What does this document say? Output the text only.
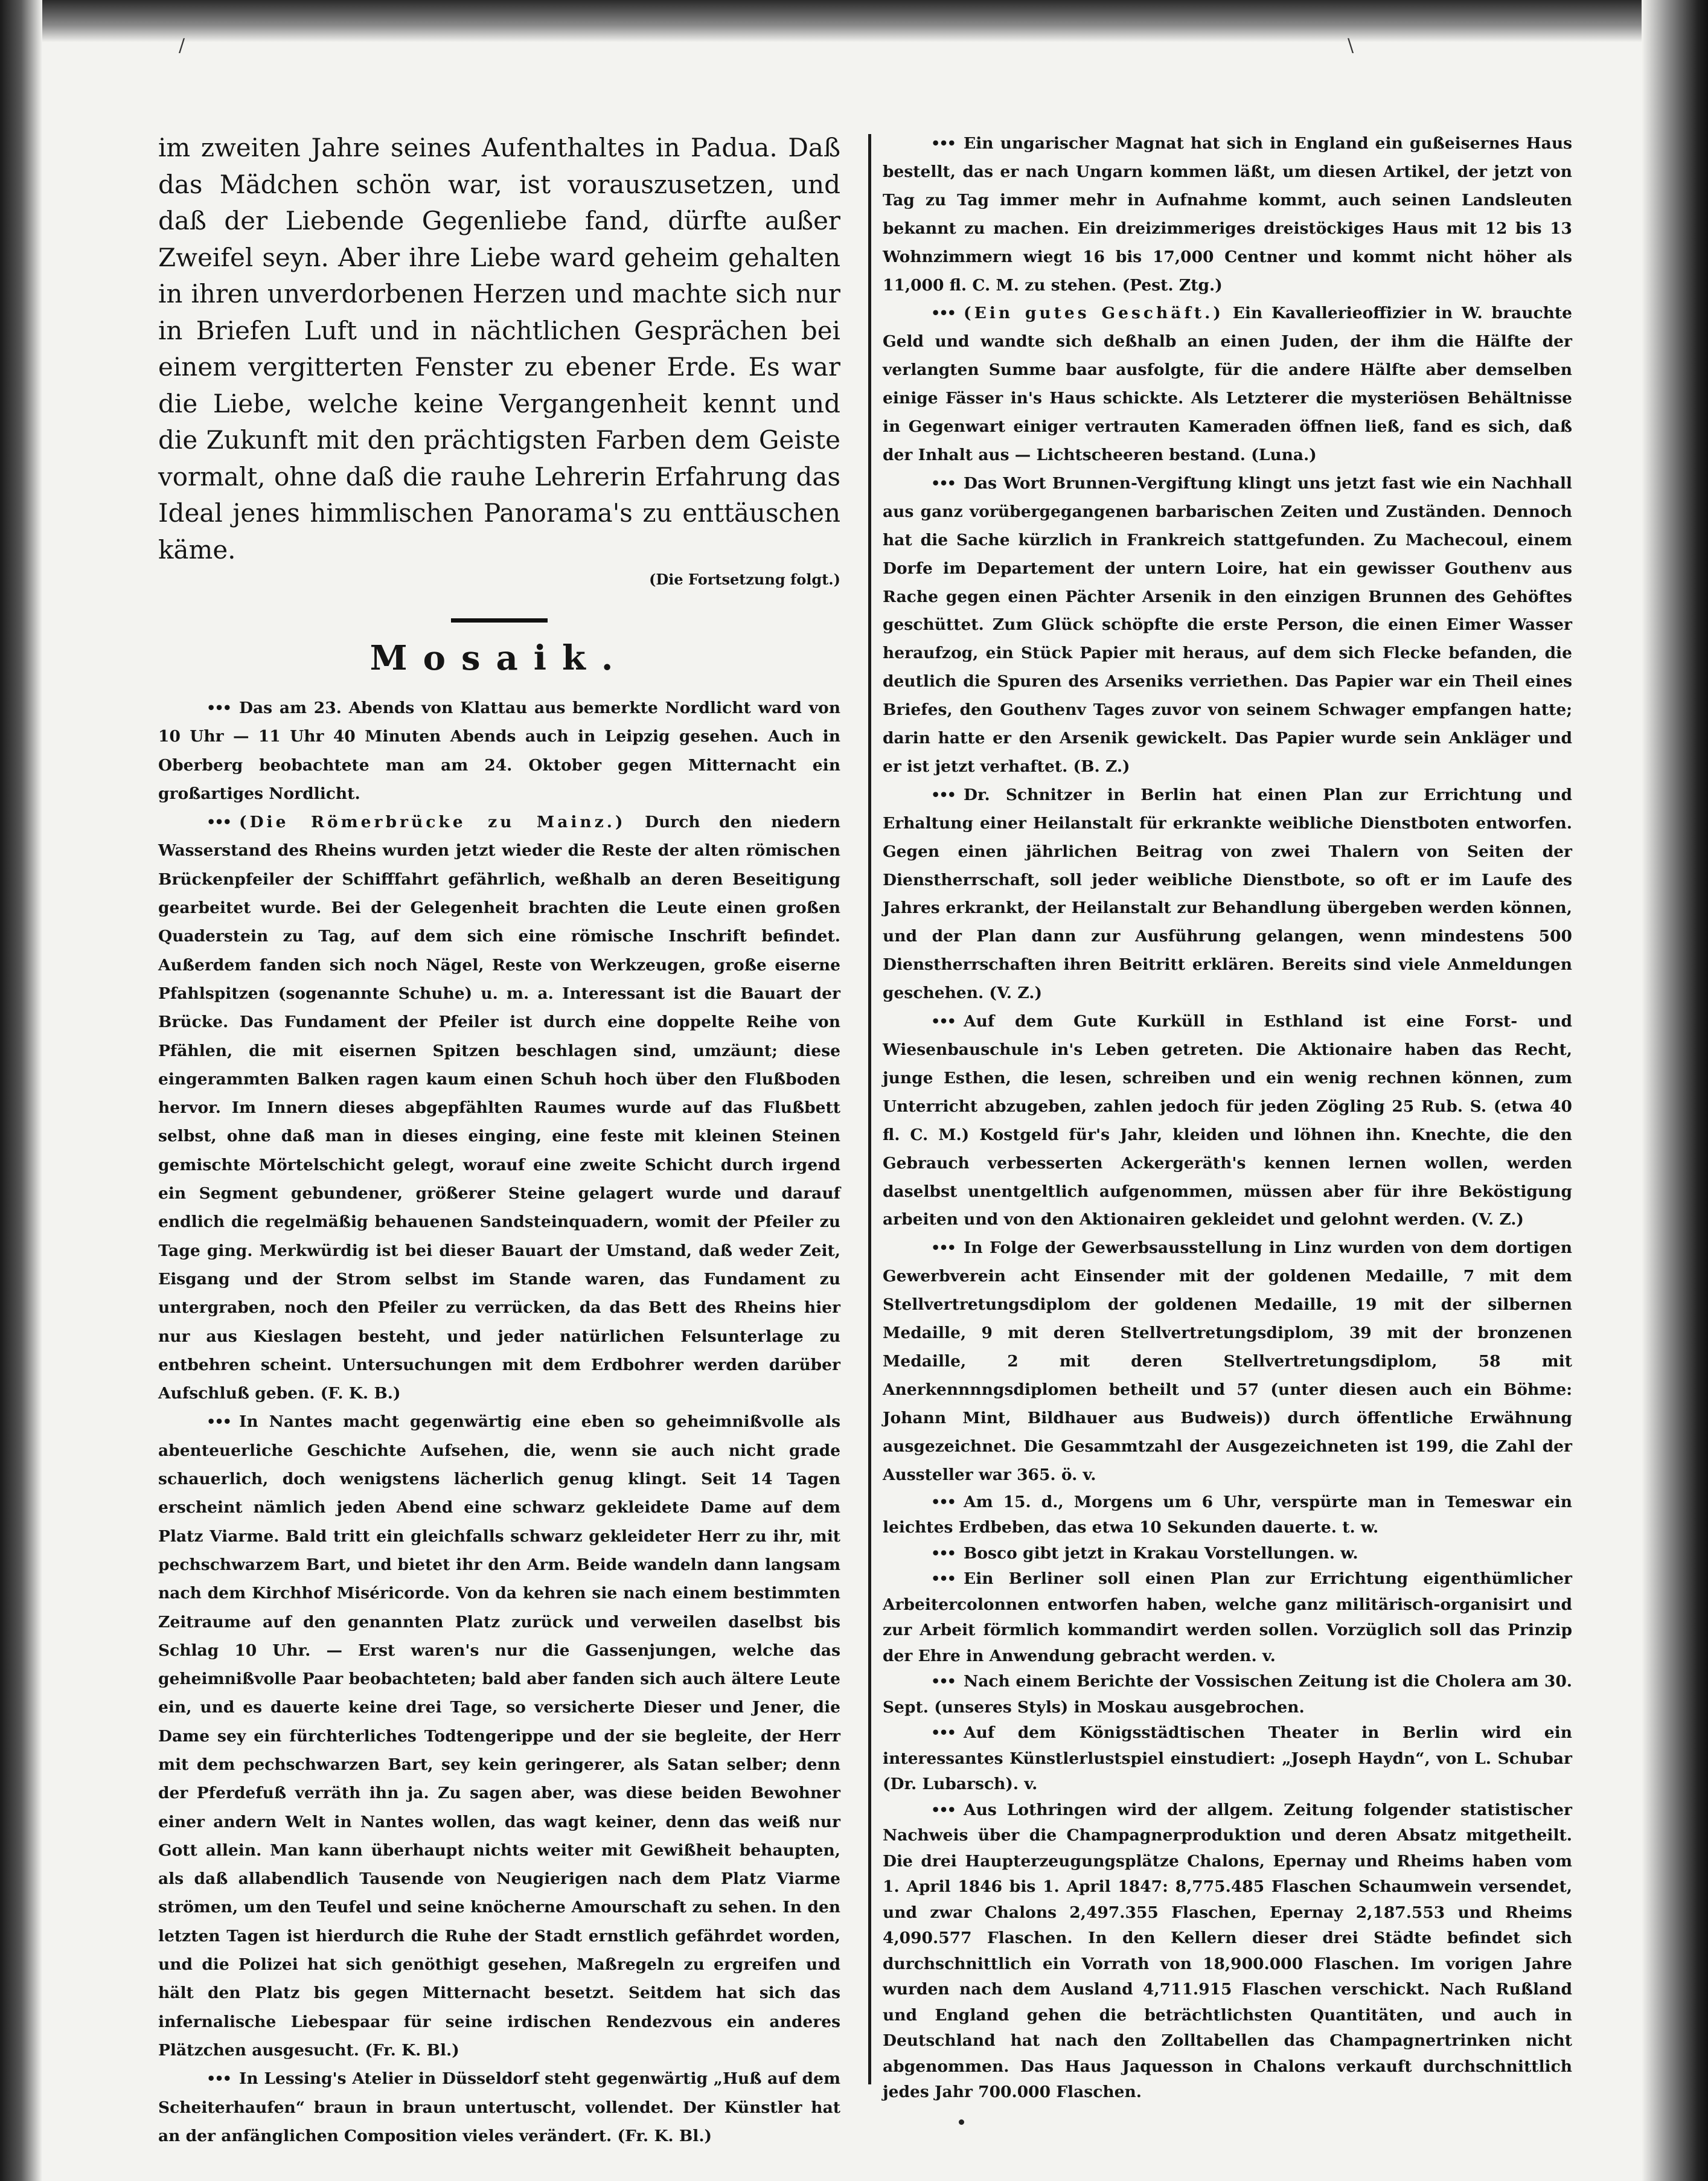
/	\

im zweiten Jahre seines Aufenthaltes in Padua. Daß das Mädchen schön war, ist vorauszusetzen, und daß der Liebende Gegenliebe fand, dürfte außer Zweifel seyn. Aber ihre Liebe ward geheim gehalten in ihren unverdorbenen Herzen und machte sich nur in Briefen Luft und in nächtlichen Gesprächen bei einem vergitterten Fenster zu ebener Erde. Es war die Liebe, welche keine Vergangenheit kennt und die Zukunft mit den prächtigsten Farben dem Geiste vormalt, ohne daß die rauhe Lehrerin Erfahrung das Ideal jenes himmlischen Panorama's zu enttäuschen käme.

(Die Fortsetzung folgt.)

Mosaik.

••• Das am 23. Abends von Klattau aus bemerkte Nordlicht ward von 10 Uhr — 11 Uhr 40 Minuten Abends auch in Leipzig gesehen. Auch in Oberberg beobachtete man am 24. Oktober gegen Mitternacht ein großartiges Nordlicht.

••• (Die Römerbrücke zu Mainz.) Durch den niedern Wasserstand des Rheins wurden jetzt wieder die Reste der alten römischen Brückenpfeiler der Schifffahrt gefährlich, weßhalb an deren Beseitigung gearbeitet wurde. Bei der Gelegenheit brachten die Leute einen großen Quaderstein zu Tag, auf dem sich eine römische Inschrift befindet. Außerdem fanden sich noch Nägel, Reste von Werkzeugen, große eiserne Pfahlspitzen (sogenannte Schuhe) u. m. a. Interessant ist die Bauart der Brücke. Das Fundament der Pfeiler ist durch eine doppelte Reihe von Pfählen, die mit eisernen Spitzen beschlagen sind, umzäunt; diese eingerammten Balken ragen kaum einen Schuh hoch über den Flußboden hervor. Im Innern dieses abgepfählten Raumes wurde auf das Flußbett selbst, ohne daß man in dieses einging, eine feste mit kleinen Steinen gemischte Mörtelschicht gelegt, worauf eine zweite Schicht durch irgend ein Segment gebundener, größerer Steine gelagert wurde und darauf endlich die regelmäßig behauenen Sandsteinquadern, womit der Pfeiler zu Tage ging. Merkwürdig ist bei dieser Bauart der Umstand, daß weder Zeit, Eisgang und der Strom selbst im Stande waren, das Fundament zu untergraben, noch den Pfeiler zu verrücken, da das Bett des Rheins hier nur aus Kieslagen besteht, und jeder natürlichen Felsunterlage zu entbehren scheint. Untersuchungen mit dem Erdbohrer werden darüber Aufschluß geben. (F. K. B.)

••• In Nantes macht gegenwärtig eine eben so geheimnißvolle als abenteuerliche Geschichte Aufsehen, die, wenn sie auch nicht grade schauerlich, doch wenigstens lächerlich genug klingt. Seit 14 Tagen erscheint nämlich jeden Abend eine schwarz gekleidete Dame auf dem Platz Viarme. Bald tritt ein gleichfalls schwarz gekleideter Herr zu ihr, mit pechschwarzem Bart, und bietet ihr den Arm. Beide wandeln dann langsam nach dem Kirchhof Miséricorde. Von da kehren sie nach einem bestimmten Zeitraume auf den genannten Platz zurück und verweilen daselbst bis Schlag 10 Uhr. — Erst waren's nur die Gassenjungen, welche das geheimnißvolle Paar beobachteten; bald aber fanden sich auch ältere Leute ein, und es dauerte keine drei Tage, so versicherte Dieser und Jener, die Dame sey ein fürchterliches Todtengerippe und der sie begleite, der Herr mit dem pechschwarzen Bart, sey kein geringerer, als Satan selber; denn der Pferdefuß verräth ihn ja. Zu sagen aber, was diese beiden Bewohner einer andern Welt in Nantes wollen, das wagt keiner, denn das weiß nur Gott allein. Man kann überhaupt nichts weiter mit Gewißheit behaupten, als daß allabendlich Tausende von Neugierigen nach dem Platz Viarme strömen, um den Teufel und seine knöcherne Amourschaft zu sehen. In den letzten Tagen ist hierdurch die Ruhe der Stadt ernstlich gefährdet worden, und die Polizei hat sich genöthigt gesehen, Maßregeln zu ergreifen und hält den Platz bis gegen Mitternacht besetzt. Seitdem hat sich das infernalische Liebespaar für seine irdischen Rendezvous ein anderes Plätzchen ausgesucht. (Fr. K. Bl.)

••• In Lessing's Atelier in Düsseldorf steht gegenwärtig „Huß auf dem Scheiterhaufen“ braun in braun untertuscht, vollendet. Der Künstler hat an der anfänglichen Composition vieles verändert. (Fr. K. Bl.)

••• Ein ungarischer Magnat hat sich in England ein gußeisernes Haus bestellt, das er nach Ungarn kommen läßt, um diesen Artikel, der jetzt von Tag zu Tag immer mehr in Aufnahme kommt, auch seinen Landsleuten bekannt zu machen. Ein dreizimmeriges dreistöckiges Haus mit 12 bis 13 Wohnzimmern wiegt 16 bis 17,000 Centner und kommt nicht höher als 11,000 fl. C. M. zu stehen. (Pest. Ztg.)

••• (Ein gutes Geschäft.) Ein Kavallerieoffizier in W. brauchte Geld und wandte sich deßhalb an einen Juden, der ihm die Hälfte der verlangten Summe baar ausfolgte, für die andere Hälfte aber demselben einige Fässer in's Haus schickte. Als Letzterer die mysteriösen Behältnisse in Gegenwart einiger vertrauten Kameraden öffnen ließ, fand es sich, daß der Inhalt aus — Lichtscheeren bestand. (Luna.)

••• Das Wort Brunnen-Vergiftung klingt uns jetzt fast wie ein Nachhall aus ganz vorübergegangenen barbarischen Zeiten und Zuständen. Dennoch hat die Sache kürzlich in Frankreich stattgefunden. Zu Machecoul, einem Dorfe im Departement der untern Loire, hat ein gewisser Gouthenv aus Rache gegen einen Pächter Arsenik in den einzigen Brunnen des Gehöftes geschüttet. Zum Glück schöpfte die erste Person, die einen Eimer Wasser heraufzog, ein Stück Papier mit heraus, auf dem sich Flecke befanden, die deutlich die Spuren des Arseniks verriethen. Das Papier war ein Theil eines Briefes, den Gouthenv Tages zuvor von seinem Schwager empfangen hatte; darin hatte er den Arsenik gewickelt. Das Papier wurde sein Ankläger und er ist jetzt verhaftet. (B. Z.)

••• Dr. Schnitzer in Berlin hat einen Plan zur Errichtung und Erhaltung einer Heilanstalt für erkrankte weibliche Dienstboten entworfen. Gegen einen jährlichen Beitrag von zwei Thalern von Seiten der Dienstherrschaft, soll jeder weibliche Dienstbote, so oft er im Laufe des Jahres erkrankt, der Heilanstalt zur Behandlung übergeben werden können, und der Plan dann zur Ausführung gelangen, wenn mindestens 500 Dienstherrschaften ihren Beitritt erklären. Bereits sind viele Anmeldungen geschehen. (V. Z.)

••• Auf dem Gute Kurküll in Esthland ist eine Forst- und Wiesenbauschule in's Leben getreten. Die Aktionaire haben das Recht, junge Esthen, die lesen, schreiben und ein wenig rechnen können, zum Unterricht abzugeben, zahlen jedoch für jeden Zögling 25 Rub. S. (etwa 40 fl. C. M.) Kostgeld für's Jahr, kleiden und löhnen ihn. Knechte, die den Gebrauch verbesserten Ackergeräth's kennen lernen wollen, werden daselbst unentgeltlich aufgenommen, müssen aber für ihre Beköstigung arbeiten und von den Aktionairen gekleidet und gelohnt werden. (V. Z.)

••• In Folge der Gewerbsausstellung in Linz wurden von dem dortigen Gewerbverein acht Einsender mit der goldenen Medaille, 7 mit dem Stellvertretungsdiplom der goldenen Medaille, 19 mit der silbernen Medaille, 9 mit deren Stellvertretungsdiplom, 39 mit der bronzenen Medaille, 2 mit deren Stellvertretungsdiplom, 58 mit Anerkennnngsdiplomen betheilt und 57 (unter diesen auch ein Böhme: Johann Mint, Bildhauer aus Budweis)) durch öffentliche Erwähnung ausgezeichnet. Die Gesammtzahl der Ausgezeichneten ist 199, die Zahl der Aussteller war 365. ö. v.

••• Am 15. d., Morgens um 6 Uhr, verspürte man in Temeswar ein leichtes Erdbeben, das etwa 10 Sekunden dauerte. t. w.

••• Bosco gibt jetzt in Krakau Vorstellungen. w.

••• Ein Berliner soll einen Plan zur Errichtung eigenthümlicher Arbeitercolonnen entworfen haben, welche ganz militärisch-organisirt und zur Arbeit förmlich kommandirt werden sollen. Vorzüglich soll das Prinzip der Ehre in Anwendung gebracht werden. v.

••• Nach einem Berichte der Vossischen Zeitung ist die Cholera am 30. Sept. (unseres Styls) in Moskau ausgebrochen.

••• Auf dem Königsstädtischen Theater in Berlin wird ein interessantes Künstlerlustspiel einstudiert: „Joseph Haydn“, von L. Schubar (Dr. Lubarsch). v.

••• Aus Lothringen wird der allgem. Zeitung folgender statistischer Nachweis über die Champagnerproduktion und deren Absatz mitgetheilt. Die drei Haupterzeugungsplätze Chalons, Epernay und Rheims haben vom 1. April 1846 bis 1. April 1847: 8,775.485 Flaschen Schaumwein versendet, und zwar Chalons 2,497.355 Flaschen, Epernay 2,187.553 und Rheims 4,090.577 Flaschen. In den Kellern dieser drei Städte befindet sich durchschnittlich ein Vorrath von 18,900.000 Flaschen. Im vorigen Jahre wurden nach dem Ausland 4,711.915 Flaschen verschickt. Nach Rußland und England gehen die beträchtlichsten Quantitäten, und auch in Deutschland hat nach den Zolltabellen das Champagnertrinken nicht abgenommen. Das Haus Jaquesson in Chalons verkauft durchschnittlich jedes Jahr 700.000 Flaschen.
